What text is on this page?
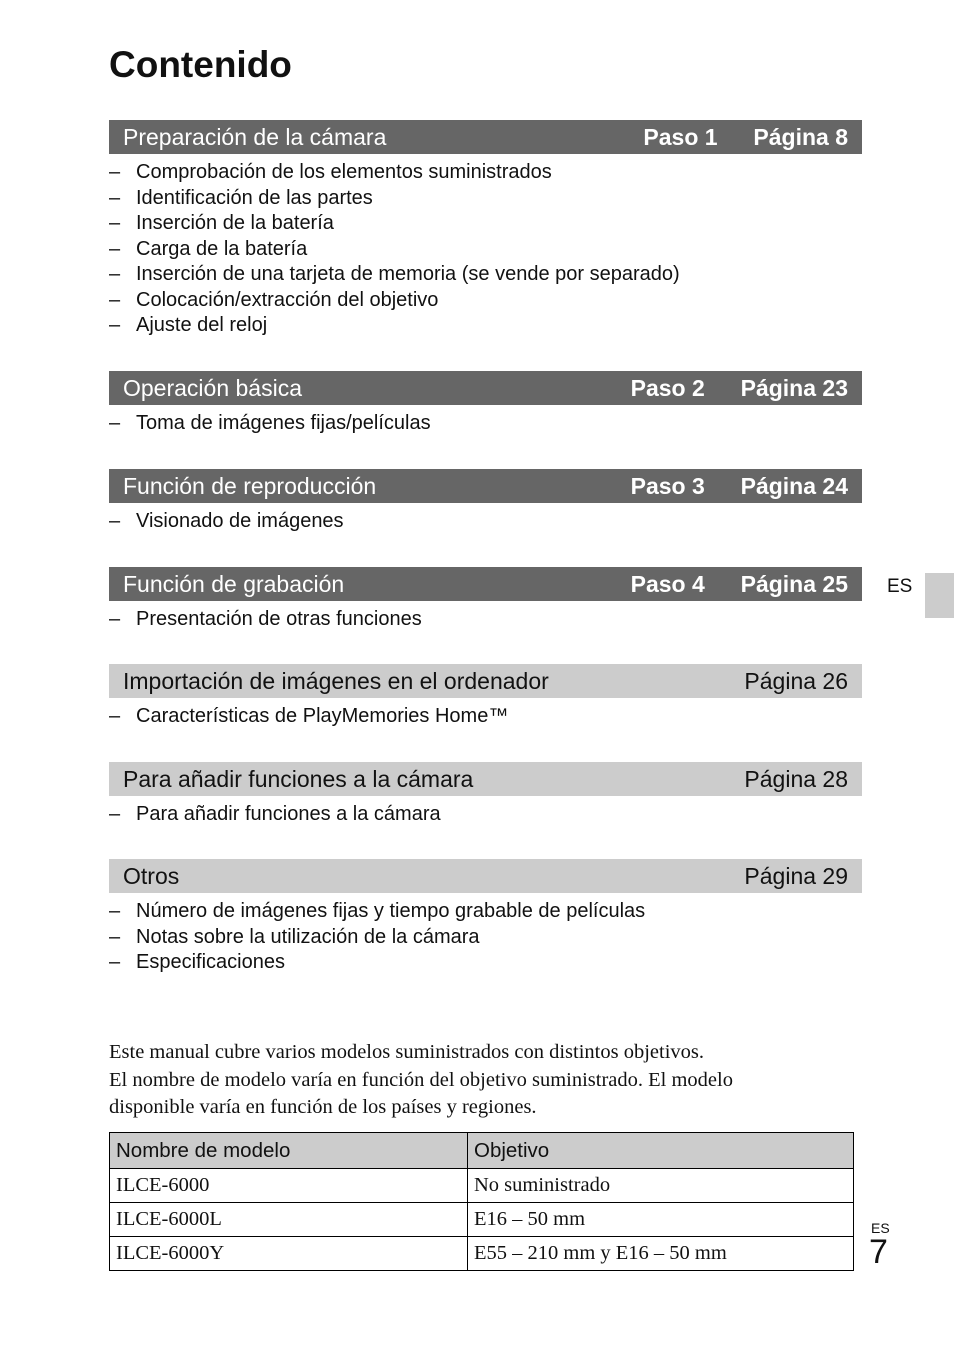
Contenido
ES
Preparación de la cámara	Paso 1	Página 8
– Comprobación de los elementos suministrados
– Identificación de las partes
– Inserción de la batería
– Carga de la batería
– Inserción de una tarjeta de memoria (se vende por separado)
– Colocación/extracción del objetivo
– Ajuste del reloj
Operación básica	Paso 2	Página 23
– Toma de imágenes fijas/películas
Función de reproducción	Paso 3	Página 24
– Visionado de imágenes
Función de grabación	Paso 4	Página 25
– Presentación de otras funciones
Importación de imágenes en el ordenador	Página 26
– Características de PlayMemories Home™
Para añadir funciones a la cámara	Página 28
– Para añadir funciones a la cámara
Otros	Página 29
– Número de imágenes fijas y tiempo grabable de películas
– Notas sobre la utilización de la cámara
– Especificaciones
Este manual cubre varios modelos suministrados con distintos objetivos.
El nombre de modelo varía en función del objetivo suministrado. El modelo
disponible varía en función de los países y regiones.
Nombre de modelo	Objetivo
ILCE-6000	No suministrado
ILCE-6000L	E16 – 50 mm
ILCE-6000Y	E55 – 210 mm y E16 – 50 mm
ES
7
